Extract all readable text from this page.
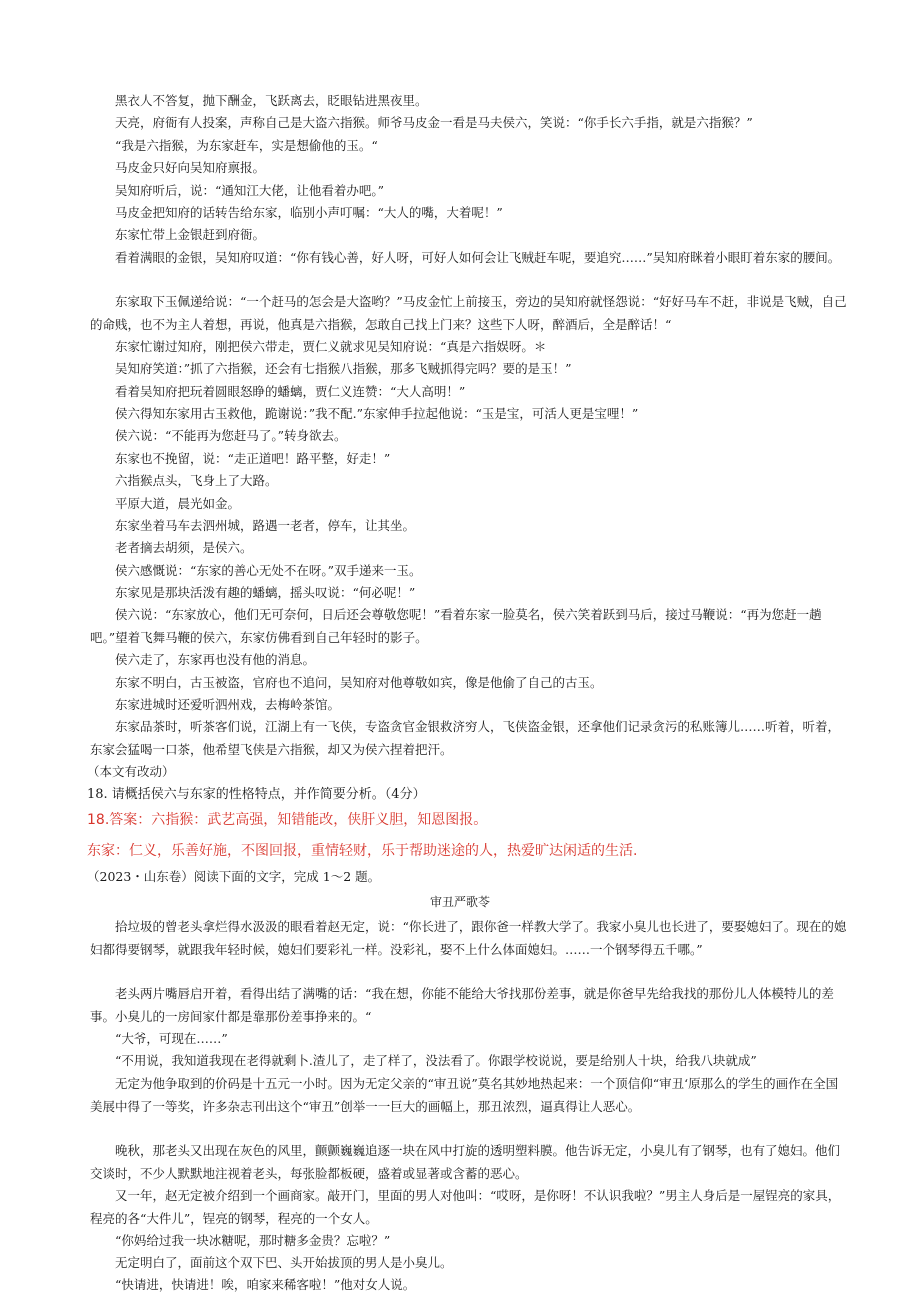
黑衣人不答复，抛下酬金，飞跃离去，眨眼钻进黑夜里。

天亮，府衙有人投案，声称自己是大盗六指猴。师爷马皮金一看是马夫侯六，笑说：“你手长六手指，就是六指猴？”

“我是六指猴，为东家赶车，实是想偷他的玉。“

马皮金只好向吴知府禀报。

吴知府听后，说：“通知江大佬，让他看着办吧。”

马皮金把知府的话转告给东家，临别小声叮嘱：“大人的嘴，大着呢！”

东家忙带上金银赶到府衙。

看着满眼的金银，吴知府叹道：“你有钱心善，好人呀，可好人如何会让飞贼赶车呢，要追究……”吴知府眯着小眼盯着东家的腰间。

东家取下玉佩递给说：“一个赶马的怎会是大盗哟？”马皮金忙上前接玉，旁边的吴知府就怪怨说：“好好马车不赶，非说是飞贼，自己的命贱，也不为主人着想，再说，他真是六指猴，怎敢自己找上门来？这些下人呀，醉酒后，全是醉话！“

东家忙谢过知府，刚把侯六带走，贾仁义就求见吴知府说：“真是六指娱呀。＊

吴知府笑道：”抓了六指猴，还会有七指猴八指猴，那多飞贼抓得完吗？要的是玉！”

看着吴知府把玩着圆眼怒睁的蟠螭，贾仁义连赞：“大人高明！”

侯六得知东家用古玉救他，跪谢说：”我不配.”东家伸手拉起他说：“玉是宝，可活人更是宝哩！”

侯六说：“不能再为您赶马了。”转身欲去。

东家也不挽留，说：“走正道吧！路平整，好走！”

六指猴点头，飞身上了大路。

平原大道，晨光如金。

东家坐着马车去泗州城，路遇一老者，停车，让其坐。

老者摘去胡须，是侯六。

侯六感慨说：“东家的善心无处不在呀。”双手递来一玉。

东家见是那块活泼有趣的蟠螭，摇头叹说：“何必呢！”

侯六说：“东家放心，他们无可奈何，日后还会尊敬您呢！”看着东家一脸莫名，侯六笑着跃到马后，接过马鞭说：“再为您赶一趟吧。”望着飞舞马鞭的侯六，东家仿佛看到自己年轻时的影子。

侯六走了，东家再也没有他的消息。

东家不明白，古玉被盗，官府也不追问，吴知府对他尊敬如宾，像是他偷了自己的古玉。

东家进城时还爱听泗州戏，去梅岭茶馆。

东家品茶时，听茶客们说，江湖上有一飞侠，专盗贪官金银救济穷人，飞侠盗金银，还拿他们记录贪污的私账簿儿……听着，听着，东家会猛喝一口茶，他希望飞侠是六指猴，却又为侯六捏着把汗。

（本文有改动）

18. 请概括侯六与东家的性格特点，并作简要分析。（4分）

18.答案：六指猴：武艺高强，知错能改，侠肝义胆，知恩图报。
东家：仁义，乐善好施，不图回报，重情轻财，乐于帮助迷途的人，热爱旷达闲适的生活.

（2023・山东卷）阅读下面的文字，完成 1～2 题。

审丑严歌苓

拾垃圾的曾老头拿烂得水汲汲的眼看着赵无定，说：“你长进了，跟你爸一样教大学了。我家小臭儿也长进了，要娶媳妇了。现在的媳妇都得要钢琴，就跟我年轻时候，媳妇们要彩礼一样。没彩礼，娶不上什么体面媳妇。……一个钢琴得五千哪。”

老头两片嘴唇启开着，看得出结了满嘴的话：“我在想，你能不能给大爷找那份差事，就是你爸早先给我找的那份儿人体模特儿的差事。小臭儿的一房间家什都是靠那份差事挣来的。“

“大爷，可现在……”

“不用说，我知道我现在老得就剩卜.渣儿了，走了样了，没法看了。你跟学校说说，要是给别人十块，给我八块就成”

无定为他争取到的价码是十五元一小时。因为无定父亲的“审丑说”莫名其妙地热起来：一个顶信仰“审丑‘原那么的学生的画作在全国美展中得了一等奖，许多杂志刊出这个“审丑”创举一一巨大的画幅上，那丑浓烈，逼真得让人恶心。

晚秋，那老头又出现在灰色的风里，颤颤巍巍追逐一块在风中打旋的透明塑料膜。他告诉无定，小臭儿有了钢琴，也有了媳妇。他们交谈时，不少人默默地注视着老头，每张脸都板硬，盛着或显著或含蓄的恶心。

又一年，赵无定被介绍到一个画商家。敲开门，里面的男人对他叫：“哎呀，是你呀！不认识我啦？”男主人身后是一屋锃亮的家具，程亮的各“大件儿”，锃亮的钢琴，程亮的一个女人。

“你妈给过我一块冰糖呢，那时糖多金贵？忘啦？”

无定明白了，面前这个双下巴、头开始拔顶的男人是小臭儿。

“快请进，快请进！唉，咱家来稀客啦！”他对女人说。
